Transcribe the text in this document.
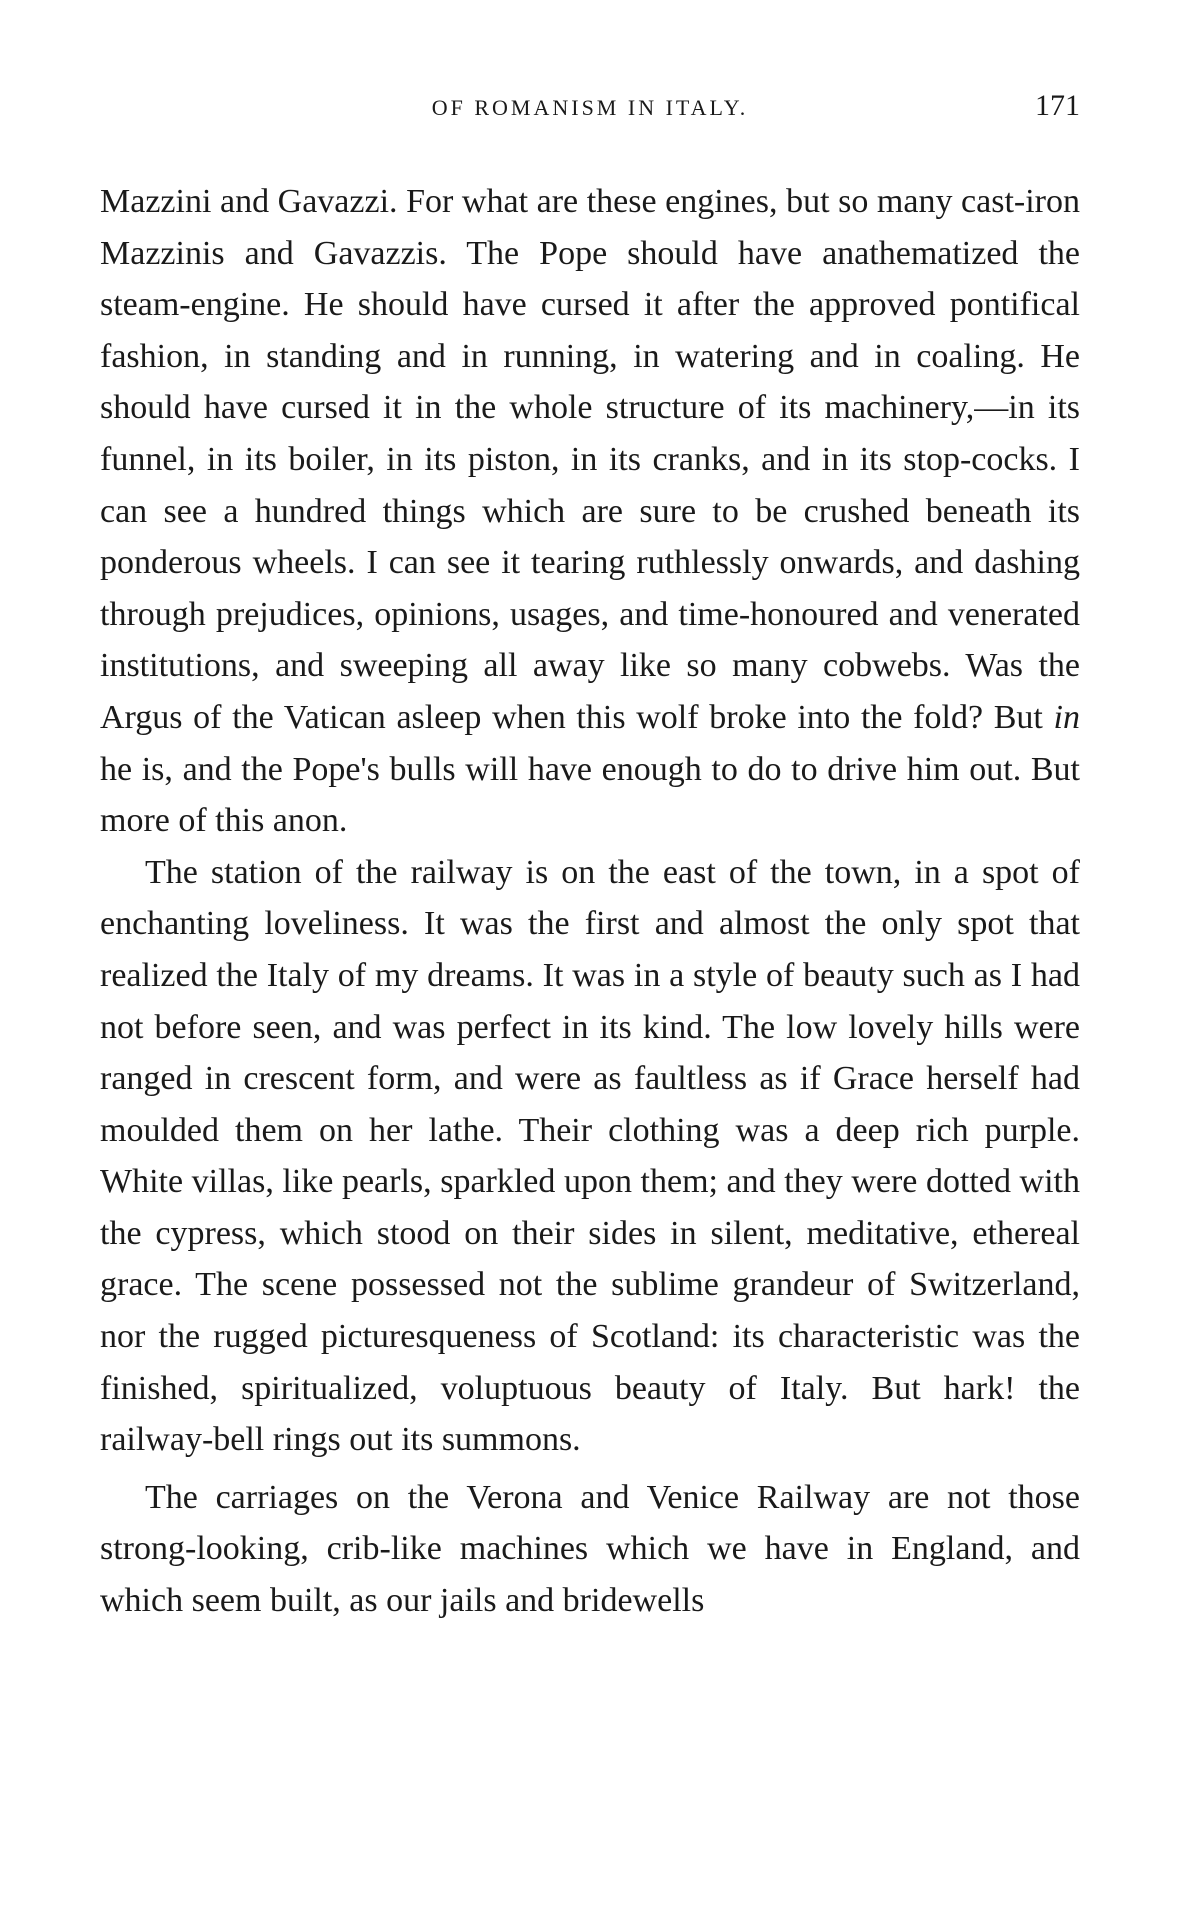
OF ROMANISM IN ITALY.	171

Mazzini and Gavazzi. For what are these engines, but so many cast-iron Mazzinis and Gavazzis. The Pope should have anathematized the steam-engine. He should have cursed it after the approved pontifical fashion, in standing and in running, in watering and in coaling. He should have cursed it in the whole structure of its machinery,—in its funnel, in its boiler, in its piston, in its cranks, and in its stop-cocks. I can see a hundred things which are sure to be crushed beneath its ponderous wheels. I can see it tearing ruthlessly onwards, and dashing through prejudices, opinions, usages, and time-honoured and venerated institutions, and sweeping all away like so many cobwebs. Was the Argus of the Vatican asleep when this wolf broke into the fold? But in he is, and the Pope's bulls will have enough to do to drive him out. But more of this anon.

The station of the railway is on the east of the town, in a spot of enchanting loveliness. It was the first and almost the only spot that realized the Italy of my dreams. It was in a style of beauty such as I had not before seen, and was perfect in its kind. The low lovely hills were ranged in crescent form, and were as faultless as if Grace herself had moulded them on her lathe. Their clothing was a deep rich purple. White villas, like pearls, sparkled upon them; and they were dotted with the cypress, which stood on their sides in silent, meditative, ethereal grace. The scene possessed not the sublime grandeur of Switzerland, nor the rugged picturesqueness of Scotland: its characteristic was the finished, spiritualized, voluptuous beauty of Italy. But hark! the railway-bell rings out its summons.

The carriages on the Verona and Venice Railway are not those strong-looking, crib-like machines which we have in England, and which seem built, as our jails and bridewells
